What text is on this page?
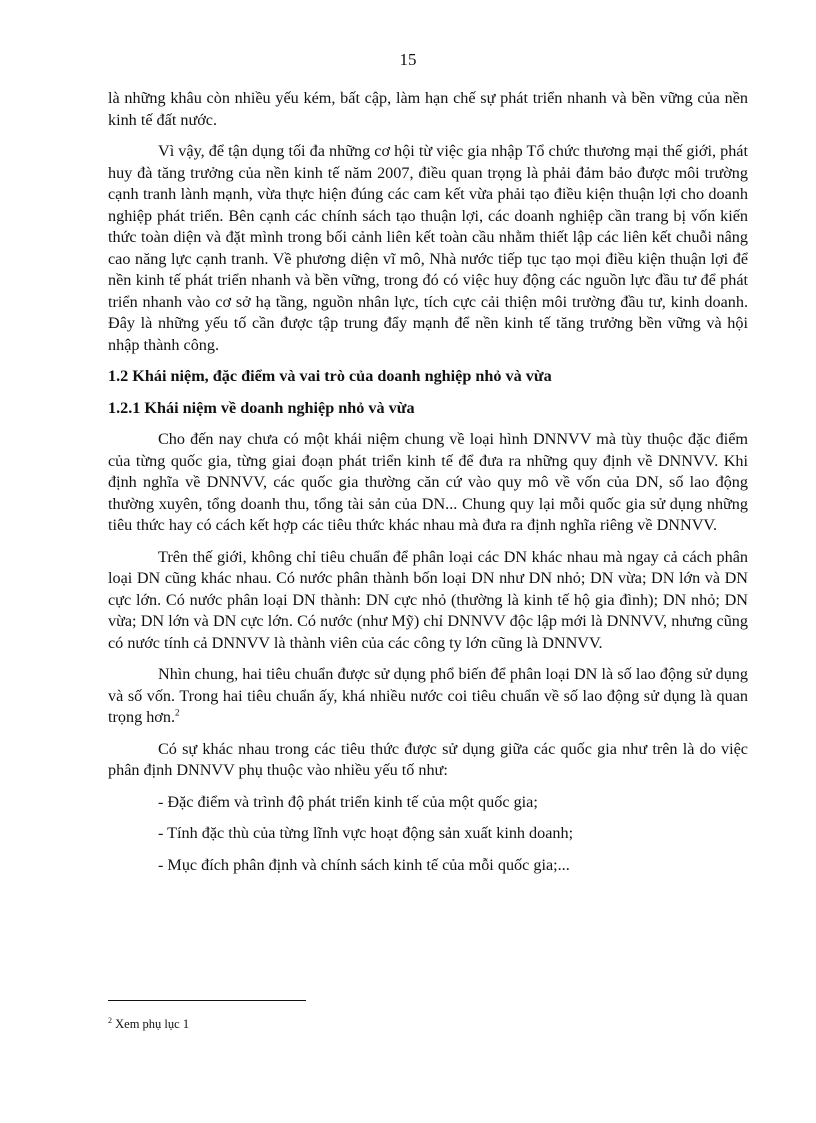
15

là những khâu còn nhiều yếu kém, bất cập, làm hạn chế sự phát triển nhanh và bền vững của nền kinh tế đất nước.

Vì vậy, để tận dụng tối đa những cơ hội từ việc gia nhập Tổ chức thương mại thế giới, phát huy đà tăng trưởng của nền kinh tế năm 2007, điều quan trọng là phải đảm bảo được môi trường cạnh tranh lành mạnh, vừa thực hiện đúng các cam kết vừa phải tạo điều kiện thuận lợi cho doanh nghiệp phát triển. Bên cạnh các chính sách tạo thuận lợi, các doanh nghiệp cần trang bị vốn kiến thức toàn diện và đặt mình trong bối cảnh liên kết toàn cầu nhằm thiết lập các liên kết chuỗi nâng cao năng lực cạnh tranh. Về phương diện vĩ mô, Nhà nước tiếp tục tạo mọi điều kiện thuận lợi để nền kinh tế phát triển nhanh và bền vững, trong đó có việc huy động các nguồn lực đầu tư để phát triển nhanh vào cơ sở hạ tầng, nguồn nhân lực, tích cực cải thiện môi trường đầu tư, kinh doanh. Đây là những yếu tố cần được tập trung đẩy mạnh để nền kinh tế tăng trưởng bền vững và hội nhập thành công.

1.2 Khái niệm, đặc điểm và vai trò của doanh nghiệp nhỏ và vừa

1.2.1 Khái niệm về doanh nghiệp nhỏ và vừa

Cho đến nay chưa có một khái niệm chung về loại hình DNNVV mà tùy thuộc đặc điểm của từng quốc gia, từng giai đoạn phát triển kinh tế để đưa ra những quy định về DNNVV. Khi định nghĩa về DNNVV, các quốc gia thường căn cứ vào quy mô về vốn của DN, số lao động thường xuyên, tổng doanh thu, tổng tài sản của DN... Chung quy lại mỗi quốc gia sử dụng những tiêu thức hay có cách kết hợp các tiêu thức khác nhau mà đưa ra định nghĩa riêng về DNNVV.

Trên thế giới, không chỉ tiêu chuẩn để phân loại các DN khác nhau mà ngay cả cách phân loại DN cũng khác nhau. Có nước phân thành bốn loại DN như DN nhỏ; DN vừa; DN lớn và DN cực lớn. Có nước phân loại DN thành: DN cực nhỏ (thường là kinh tế hộ gia đình); DN nhỏ; DN vừa; DN lớn và DN cực lớn. Có nước (như Mỹ) chỉ DNNVV độc lập mới là DNNVV, nhưng cũng có nước tính cả DNNVV là thành viên của các công ty lớn cũng là DNNVV.

Nhìn chung, hai tiêu chuẩn được sử dụng phổ biến để phân loại DN là số lao động sử dụng và số vốn. Trong hai tiêu chuẩn ấy, khá nhiều nước coi tiêu chuẩn về số lao động sử dụng là quan trọng hơn.$^2$

Có sự khác nhau trong các tiêu thức được sử dụng giữa các quốc gia như trên là do việc phân định DNNVV phụ thuộc vào nhiều yếu tố như:

- Đặc điểm và trình độ phát triển kinh tế của một quốc gia;

- Tính đặc thù của từng lĩnh vực hoạt động sản xuất kinh doanh;

- Mục đích phân định và chính sách kinh tế của mỗi quốc gia;...

$^2$ Xem phụ lục 1
